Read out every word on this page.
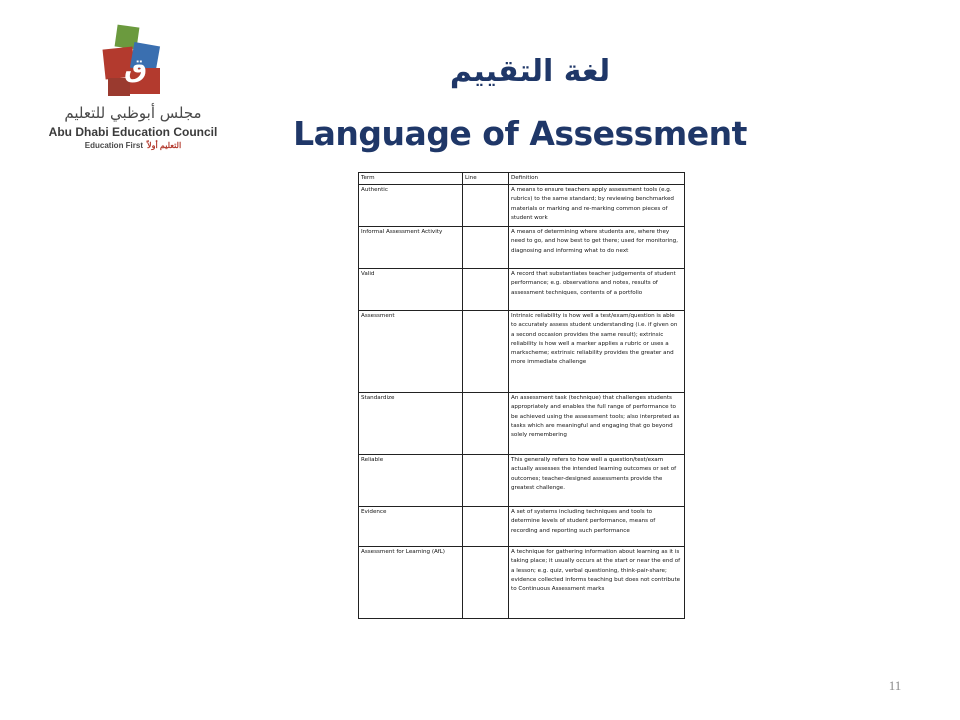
ق
مجلس أبوظبي للتعليم
Abu Dhabi Education Council
Education First التعليم أولاً
لغة التقييم
Language of Assessment
Term	Line	Definition
Authentic		A means to ensure teachers apply assessment tools (e.g. rubrics) to the same standard; by reviewing benchmarked materials or marking and re-marking common pieces of student work
Informal Assessment Activity		A means of determining where students are, where they need to go, and how best to get there; used for monitoring, diagnosing and informing what to do next
Valid		A record that substantiates teacher judgements of student performance; e.g. observations and notes, results of assessment techniques, contents of a portfolio
Assessment		Intrinsic reliability is how well a test/exam/question is able to accurately assess student understanding (i.e. if given on a second occasion provides the same result); extrinsic reliability is how well a marker applies a rubric or uses a markscheme; extrinsic reliability provides the greater and more immediate challenge
Standardize		An assessment task (technique) that challenges students appropriately and enables the full range of performance to be achieved using the assessment tools; also interpreted as tasks which are meaningful and engaging that go beyond solely remembering
Reliable		This generally refers to how well a question/test/exam actually assesses the intended learning outcomes or set of outcomes; teacher-designed assessments provide the greatest challenge.
Evidence		A set of systems including techniques and tools to determine levels of student performance, means of recording and reporting such performance
Assessment for Learning (AfL)		A technique for gathering information about learning as it is taking place; it usually occurs at the start or near the end of a lesson; e.g. quiz, verbal questioning, think-pair-share; evidence collected informs teaching but does not contribute to Continuous Assessment marks
11
